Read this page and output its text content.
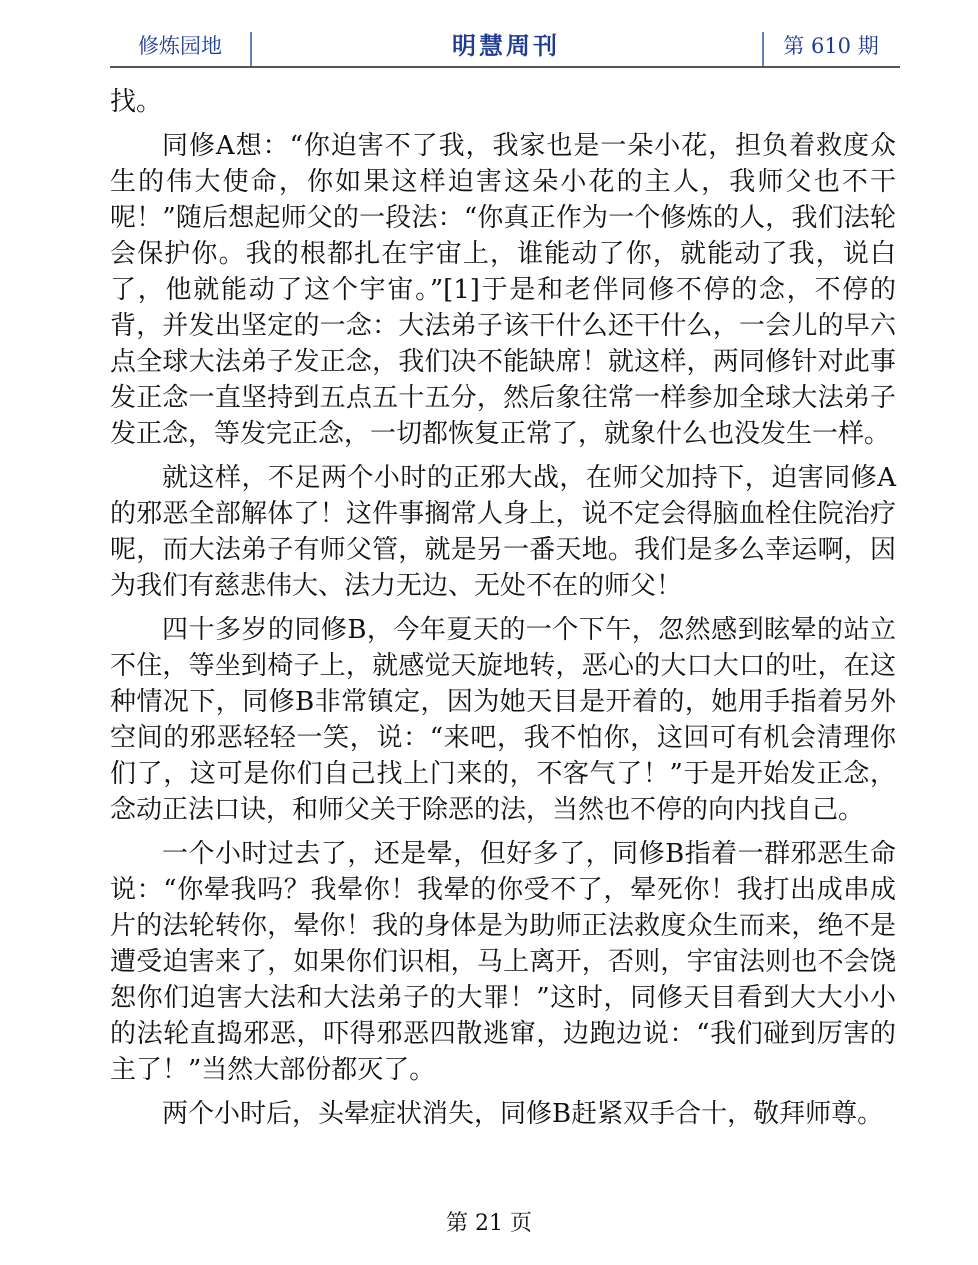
修炼园地	明慧周刊	第 610 期

找。

同修A想：“你迫害不了我，我家也是一朵小花，担负着救度众生的伟大使命，你如果这样迫害这朵小花的主人，我师父也不干呢！”随后想起师父的一段法：“你真正作为一个修炼的人，我们法轮会保护你。我的根都扎在宇宙上，谁能动了你，就能动了我，说白了，他就能动了这个宇宙。”[1]于是和老伴同修不停的念，不停的背，并发出坚定的一念：大法弟子该干什么还干什么，一会儿的早六点全球大法弟子发正念，我们决不能缺席！就这样，两同修针对此事发正念一直坚持到五点五十五分，然后象往常一样参加全球大法弟子发正念，等发完正念，一切都恢复正常了，就象什么也没发生一样。

就这样，不足两个小时的正邪大战，在师父加持下，迫害同修A的邪恶全部解体了！这件事搁常人身上，说不定会得脑血栓住院治疗呢，而大法弟子有师父管，就是另一番天地。我们是多么幸运啊，因为我们有慈悲伟大、法力无边、无处不在的师父！

四十多岁的同修B，今年夏天的一个下午，忽然感到眩晕的站立不住，等坐到椅子上，就感觉天旋地转，恶心的大口大口的吐，在这种情况下，同修B非常镇定，因为她天目是开着的，她用手指着另外空间的邪恶轻轻一笑，说：“来吧，我不怕你，这回可有机会清理你们了，这可是你们自己找上门来的，不客气了！”于是开始发正念，念动正法口诀，和师父关于除恶的法，当然也不停的向内找自己。

一个小时过去了，还是晕，但好多了，同修B指着一群邪恶生命说：“你晕我吗？我晕你！我晕的你受不了，晕死你！我打出成串成片的法轮转你，晕你！我的身体是为助师正法救度众生而来，绝不是遭受迫害来了，如果你们识相，马上离开，否则，宇宙法则也不会饶恕你们迫害大法和大法弟子的大罪！”这时，同修天目看到大大小小的法轮直捣邪恶，吓得邪恶四散逃窜，边跑边说：“我们碰到厉害的主了！”当然大部份都灭了。

两个小时后，头晕症状消失，同修B赶紧双手合十，敬拜师尊。

第 21 页
